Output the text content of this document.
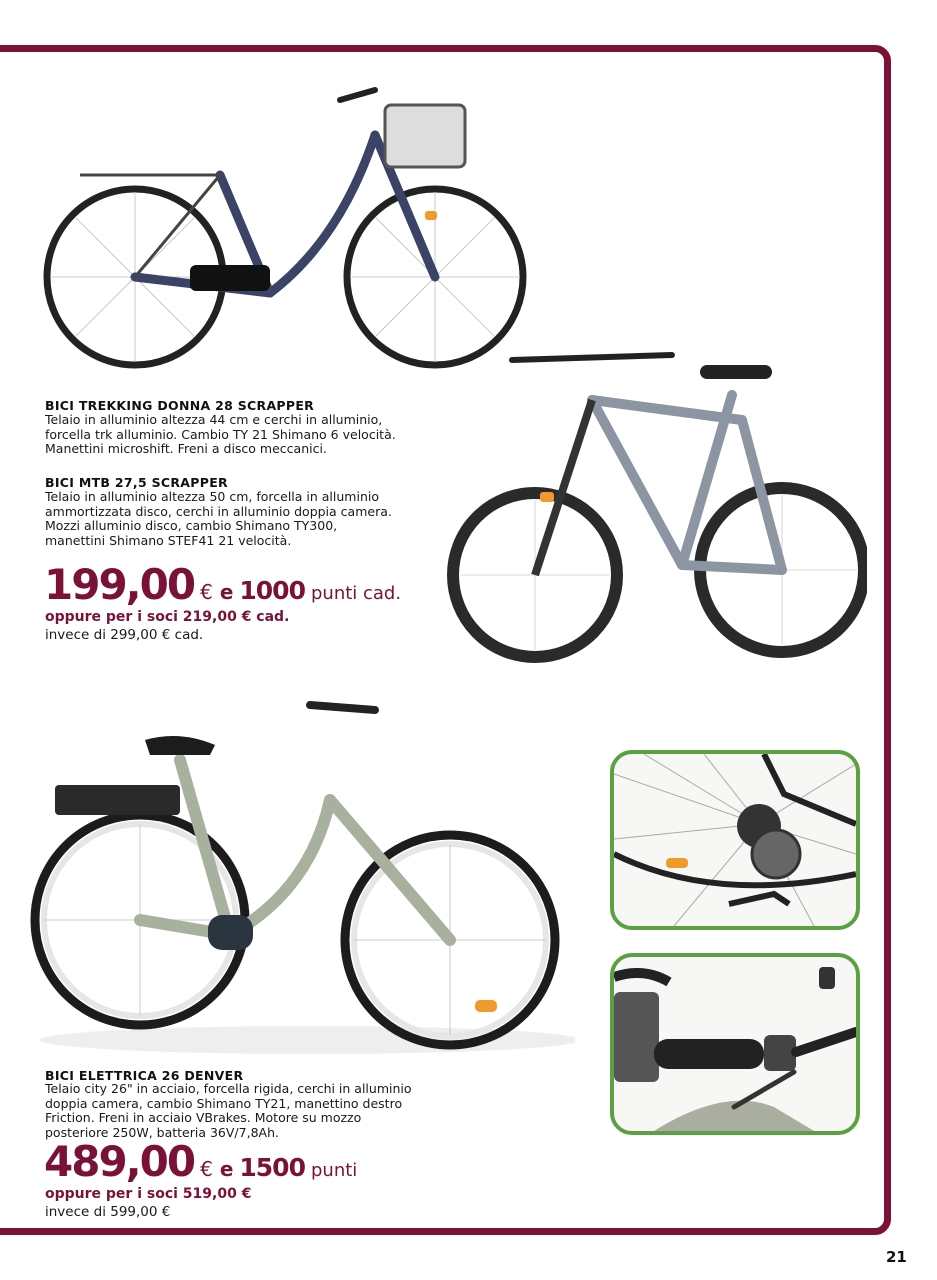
BICI TREKKING DONNA 28 SCRAPPER
Telaio in alluminio altezza 44 cm e cerchi in alluminio,
forcella trk alluminio. Cambio TY 21 Shimano 6 velocità.
Manettini microshift. Freni a disco meccanici.
BICI MTB 27,5 SCRAPPER
Telaio in alluminio altezza 50 cm, forcella in alluminio
ammortizzata disco, cerchi in alluminio doppia camera.
Mozzi alluminio disco, cambio Shimano TY300,
manettini Shimano STEF41 21 velocità.
199,00 € e 1000 punti cad.
oppure per i soci 219,00 € cad.
invece di 299,00 € cad.
BICI ELETTRICA 26 DENVER
Telaio city 26" in acciaio, forcella rigida, cerchi in alluminio
doppia camera, cambio Shimano TY21, manettino destro
Friction. Freni in acciaio VBrakes. Motore su mozzo
posteriore 250W, batteria 36V/7,8Ah.
489,00 € e 1500 punti
oppure per i soci 519,00 €
invece di 599,00 €
21
